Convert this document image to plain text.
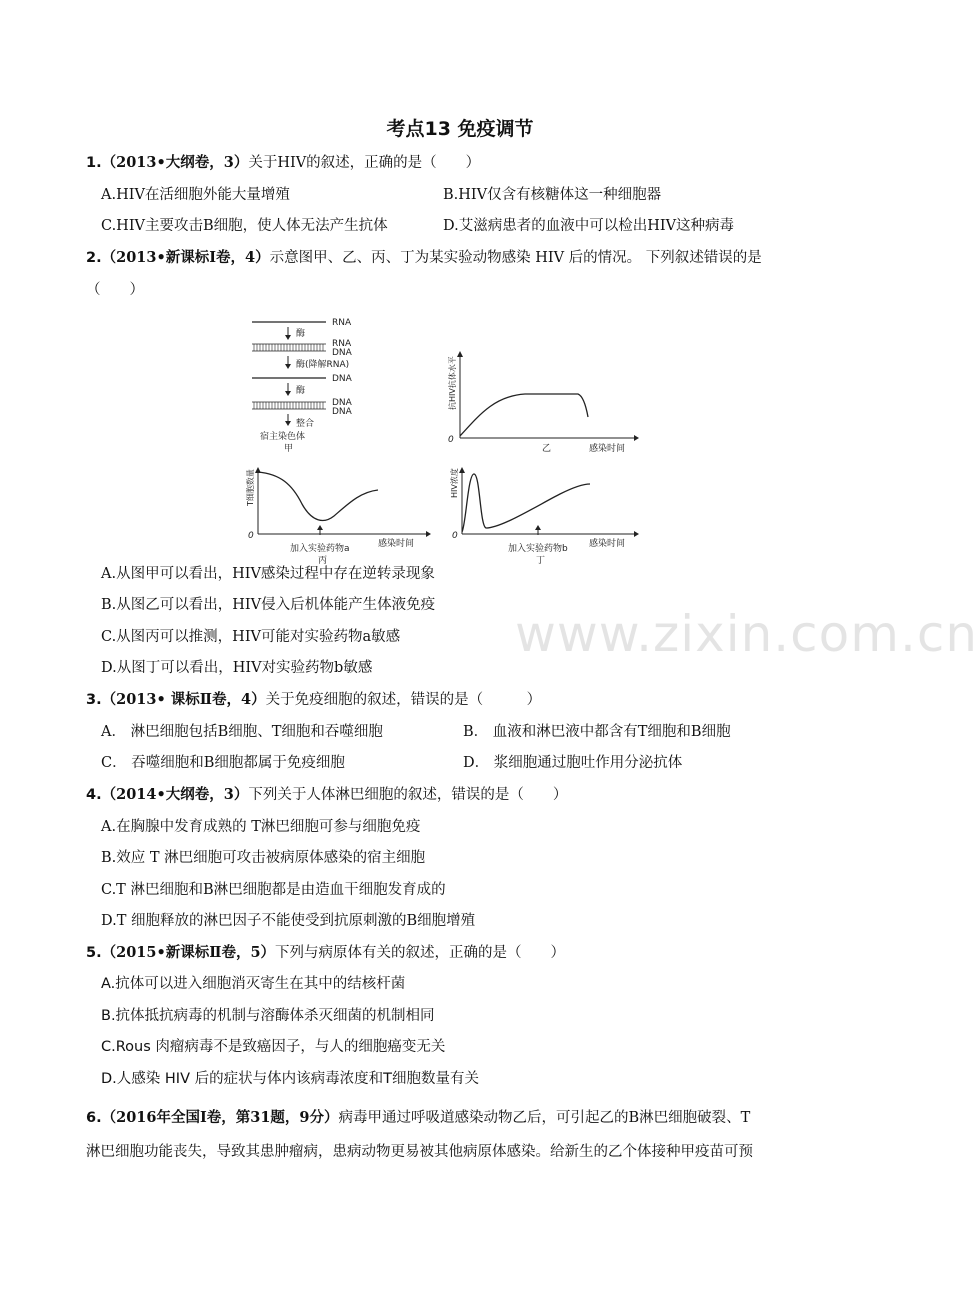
考点13 免疫调节
1.（2013•大纲卷，3）关于HIV的叙述，正确的是（　　）
A.HIV在活细胞外能大量增殖	B.HIV仅含有核糖体这一种细胞器
C.HIV主要攻击B细胞，使人体无法产生抗体	D.艾滋病患者的血液中可以检出HIV这种病毒
2.（2013•新课标Ⅰ卷，4）示意图甲、乙、丙、丁为某实验动物感染 HIV 后的情况。 下列叙述错误的是
（　　）
RNA
酶
RNA
DNA
酶(降解RNA)
DNA
酶
DNA
DNA
整合
宿主染色体
甲
0
抗HIV抗体水平
感染时间
乙
0
T细胞数量
感染时间
加入实验药物a
丙
0
HIV浓度
感染时间
加入实验药物b
丁
A.从图甲可以看出，HIV感染过程中存在逆转录现象
B.从图乙可以看出，HIV侵入后机体能产生体液免疫
C.从图丙可以推测，HIV可能对实验药物a敏感
D.从图丁可以看出，HIV对实验药物b敏感
www.zixin.com.cn
3.（2013• 课标Ⅱ卷，4）关于免疫细胞的叙述，错误的是（　　　）
A． 淋巴细胞包括B细胞、T细胞和吞噬细胞	B． 血液和淋巴液中都含有T细胞和B细胞
C． 吞噬细胞和B细胞都属于免疫细胞	D． 浆细胞通过胞吐作用分泌抗体
4.（2014•大纲卷，3）下列关于人体淋巴细胞的叙述，错误的是（　　）
A.在胸腺中发育成熟的 T淋巴细胞可参与细胞免疫
B.效应 T 淋巴细胞可攻击被病原体感染的宿主细胞
C.T 淋巴细胞和B淋巴细胞都是由造血干细胞发育成的
D.T 细胞释放的淋巴因子不能使受到抗原刺激的B细胞增殖
5.（2015•新课标Ⅱ卷，5）下列与病原体有关的叙述，正确的是（　　）
A.抗体可以进入细胞消灭寄生在其中的结核杆菌
B.抗体抵抗病毒的机制与溶酶体杀灭细菌的机制相同
C.Rous 肉瘤病毒不是致癌因子，与人的细胞癌变无关
D.人感染 HIV 后的症状与体内该病毒浓度和T细胞数量有关
6.（2016年全国Ⅰ卷，第31题，9分）病毒甲通过呼吸道感染动物乙后，可引起乙的B淋巴细胞破裂、T
淋巴细胞功能丧失，导致其患肿瘤病，患病动物更易被其他病原体感染。给新生的乙个体接种甲疫苗可预
